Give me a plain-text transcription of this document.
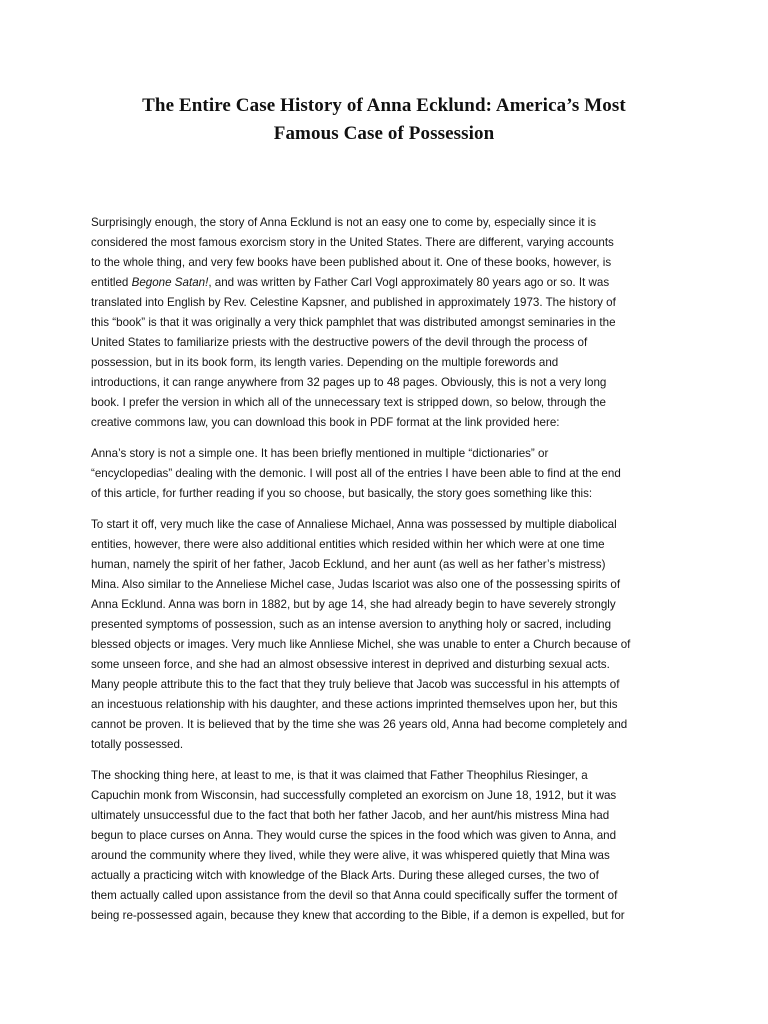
The Entire Case History of Anna Ecklund: America’s Most
Famous Case of Possession
Surprisingly enough, the story of Anna Ecklund is not an easy one to come by, especially since it is
considered the most famous exorcism story in the United States. There are different, varying accounts
to the whole thing, and very few books have been published about it. One of these books, however, is
entitled Begone Satan!, and was written by Father Carl Vogl approximately 80 years ago or so. It was
translated into English by Rev. Celestine Kapsner, and published in approximately 1973. The history of
this “book” is that it was originally a very thick pamphlet that was distributed amongst seminaries in the
United States to familiarize priests with the destructive powers of the devil through the process of
possession, but in its book form, its length varies. Depending on the multiple forewords and
introductions, it can range anywhere from 32 pages up to 48 pages. Obviously, this is not a very long
book. I prefer the version in which all of the unnecessary text is stripped down, so below, through the
creative commons law, you can download this book in PDF format at the link provided here:
Anna’s story is not a simple one. It has been briefly mentioned in multiple “dictionaries” or
“encyclopedias” dealing with the demonic. I will post all of the entries I have been able to find at the end
of this article, for further reading if you so choose, but basically, the story goes something like this:
To start it off, very much like the case of Annaliese Michael, Anna was possessed by multiple diabolical
entities, however, there were also additional entities which resided within her which were at one time
human, namely the spirit of her father, Jacob Ecklund, and her aunt (as well as her father’s mistress)
Mina. Also similar to the Anneliese Michel case, Judas Iscariot was also one of the possessing spirits of
Anna Ecklund. Anna was born in 1882, but by age 14, she had already begin to have severely strongly
presented symptoms of possession, such as an intense aversion to anything holy or sacred, including
blessed objects or images. Very much like Annliese Michel, she was unable to enter a Church because of
some unseen force, and she had an almost obsessive interest in deprived and disturbing sexual acts.
Many people attribute this to the fact that they truly believe that Jacob was successful in his attempts of
an incestuous relationship with his daughter, and these actions imprinted themselves upon her, but this
cannot be proven. It is believed that by the time she was 26 years old, Anna had become completely and
totally possessed.
The shocking thing here, at least to me, is that it was claimed that Father Theophilus Riesinger, a
Capuchin monk from Wisconsin, had successfully completed an exorcism on June 18, 1912, but it was
ultimately unsuccessful due to the fact that both her father Jacob, and her aunt/his mistress Mina had
begun to place curses on Anna. They would curse the spices in the food which was given to Anna, and
around the community where they lived, while they were alive, it was whispered quietly that Mina was
actually a practicing witch with knowledge of the Black Arts. During these alleged curses, the two of
them actually called upon assistance from the devil so that Anna could specifically suffer the torment of
being re-possessed again, because they knew that according to the Bible, if a demon is expelled, but for
